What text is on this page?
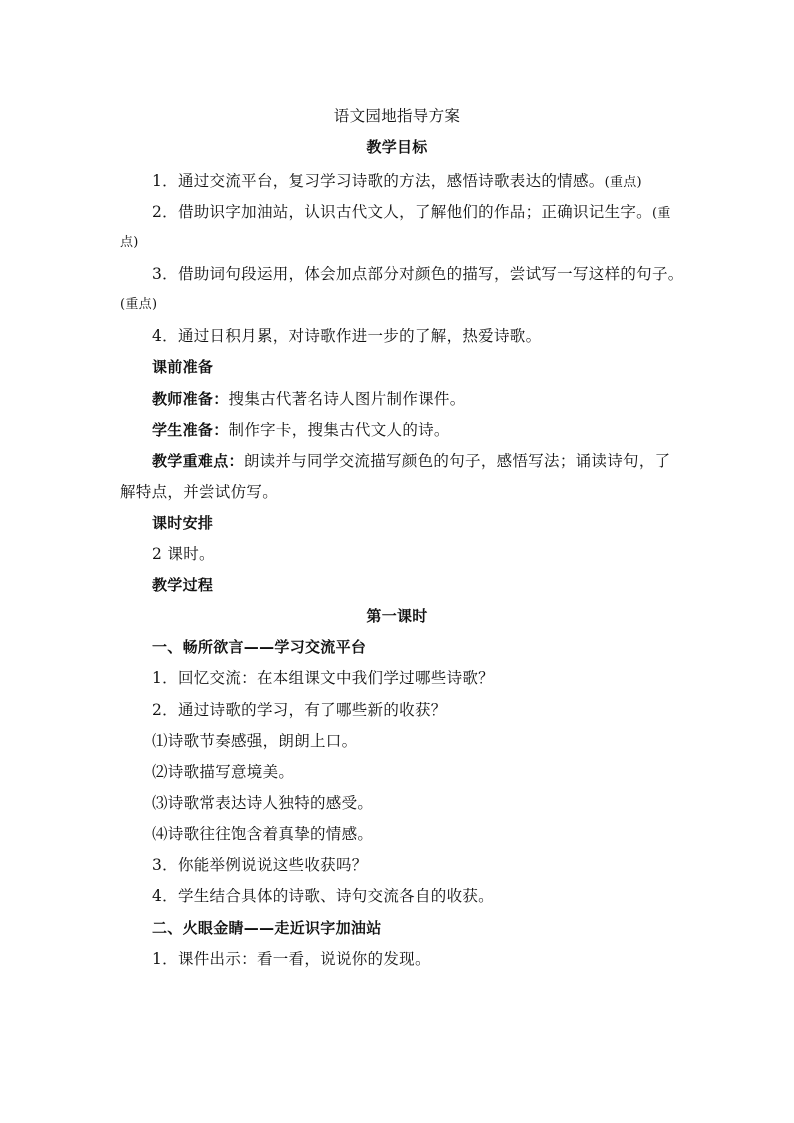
语文园地指导方案
教学目标
1．通过交流平台，复习学习诗歌的方法，感悟诗歌表达的情感。(重点)
2．借助识字加油站，认识古代文人，了解他们的作品；正确识记生字。(重
点)
3．借助词句段运用，体会加点部分对颜色的描写，尝试写一写这样的句子。
(重点)
4．通过日积月累，对诗歌作进一步的了解，热爱诗歌。
课前准备
教师准备：搜集古代著名诗人图片制作课件。
学生准备：制作字卡，搜集古代文人的诗。
教学重难点：朗读并与同学交流描写颜色的句子，感悟写法；诵读诗句，了
解特点，并尝试仿写。
课时安排
2 课时。
教学过程
第一课时
一、畅所欲言——学习交流平台
1．回忆交流：在本组课文中我们学过哪些诗歌？
2．通过诗歌的学习，有了哪些新的收获？
⑴诗歌节奏感强，朗朗上口。
⑵诗歌描写意境美。
⑶诗歌常表达诗人独特的感受。
⑷诗歌往往饱含着真挚的情感。
3．你能举例说说这些收获吗？
4．学生结合具体的诗歌、诗句交流各自的收获。
二、火眼金睛——走近识字加油站
1．课件出示：看一看，说说你的发现。
